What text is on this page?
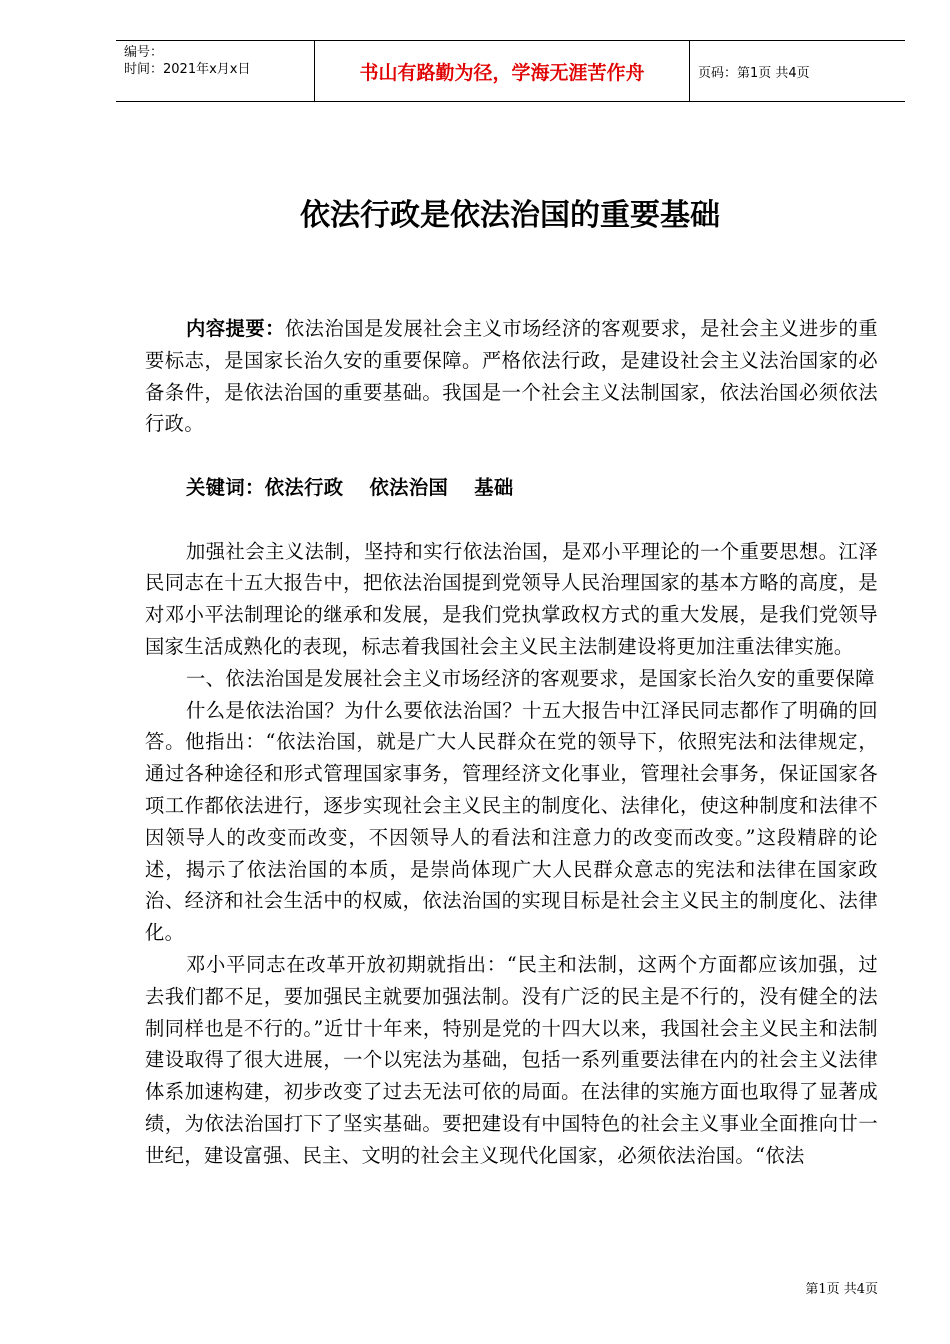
编号：
时间：2021年x月x日	书山有路勤为径，学海无涯苦作舟	页码：第1页 共4页
依法行政是依法治国的重要基础

内容提要：依法治国是发展社会主义市场经济的客观要求，是社会主义进步的重要标志，是国家长治久安的重要保障。严格依法行政，是建设社会主义法治国家的必备条件，是依法治国的重要基础。我国是一个社会主义法制国家，依法治国必须依法行政。

关键词：依法行政 依法治国 基础

加强社会主义法制，坚持和实行依法治国，是邓小平理论的一个重要思想。江泽民同志在十五大报告中，把依法治国提到党领导人民治理国家的基本方略的高度，是对邓小平法制理论的继承和发展，是我们党执掌政权方式的重大发展，是我们党领导国家生活成熟化的表现，标志着我国社会主义民主法制建设将更加注重法律实施。

一、依法治国是发展社会主义市场经济的客观要求，是国家长治久安的重要保障

什么是依法治国？为什么要依法治国？十五大报告中江泽民同志都作了明确的回答。他指出：“依法治国，就是广大人民群众在党的领导下，依照宪法和法律规定，通过各种途径和形式管理国家事务，管理经济文化事业，管理社会事务，保证国家各项工作都依法进行，逐步实现社会主义民主的制度化、法律化，使这种制度和法律不因领导人的改变而改变，不因领导人的看法和注意力的改变而改变。”这段精辟的论述，揭示了依法治国的本质，是崇尚体现广大人民群众意志的宪法和法律在国家政治、经济和社会生活中的权威，依法治国的实现目标是社会主义民主的制度化、法律化。

邓小平同志在改革开放初期就指出：“民主和法制，这两个方面都应该加强，过去我们都不足，要加强民主就要加强法制。没有广泛的民主是不行的，没有健全的法制同样也是不行的。”近廿十年来，特别是党的十四大以来，我国社会主义民主和法制建设取得了很大进展，一个以宪法为基础，包括一系列重要法律在内的社会主义法律体系加速构建，初步改变了过去无法可依的局面。在法律的实施方面也取得了显著成绩，为依法治国打下了坚实基础。要把建设有中国特色的社会主义事业全面推向廿一世纪，建设富强、民主、文明的社会主义现代化国家，必须依法治国。“依法

第1页 共4页
